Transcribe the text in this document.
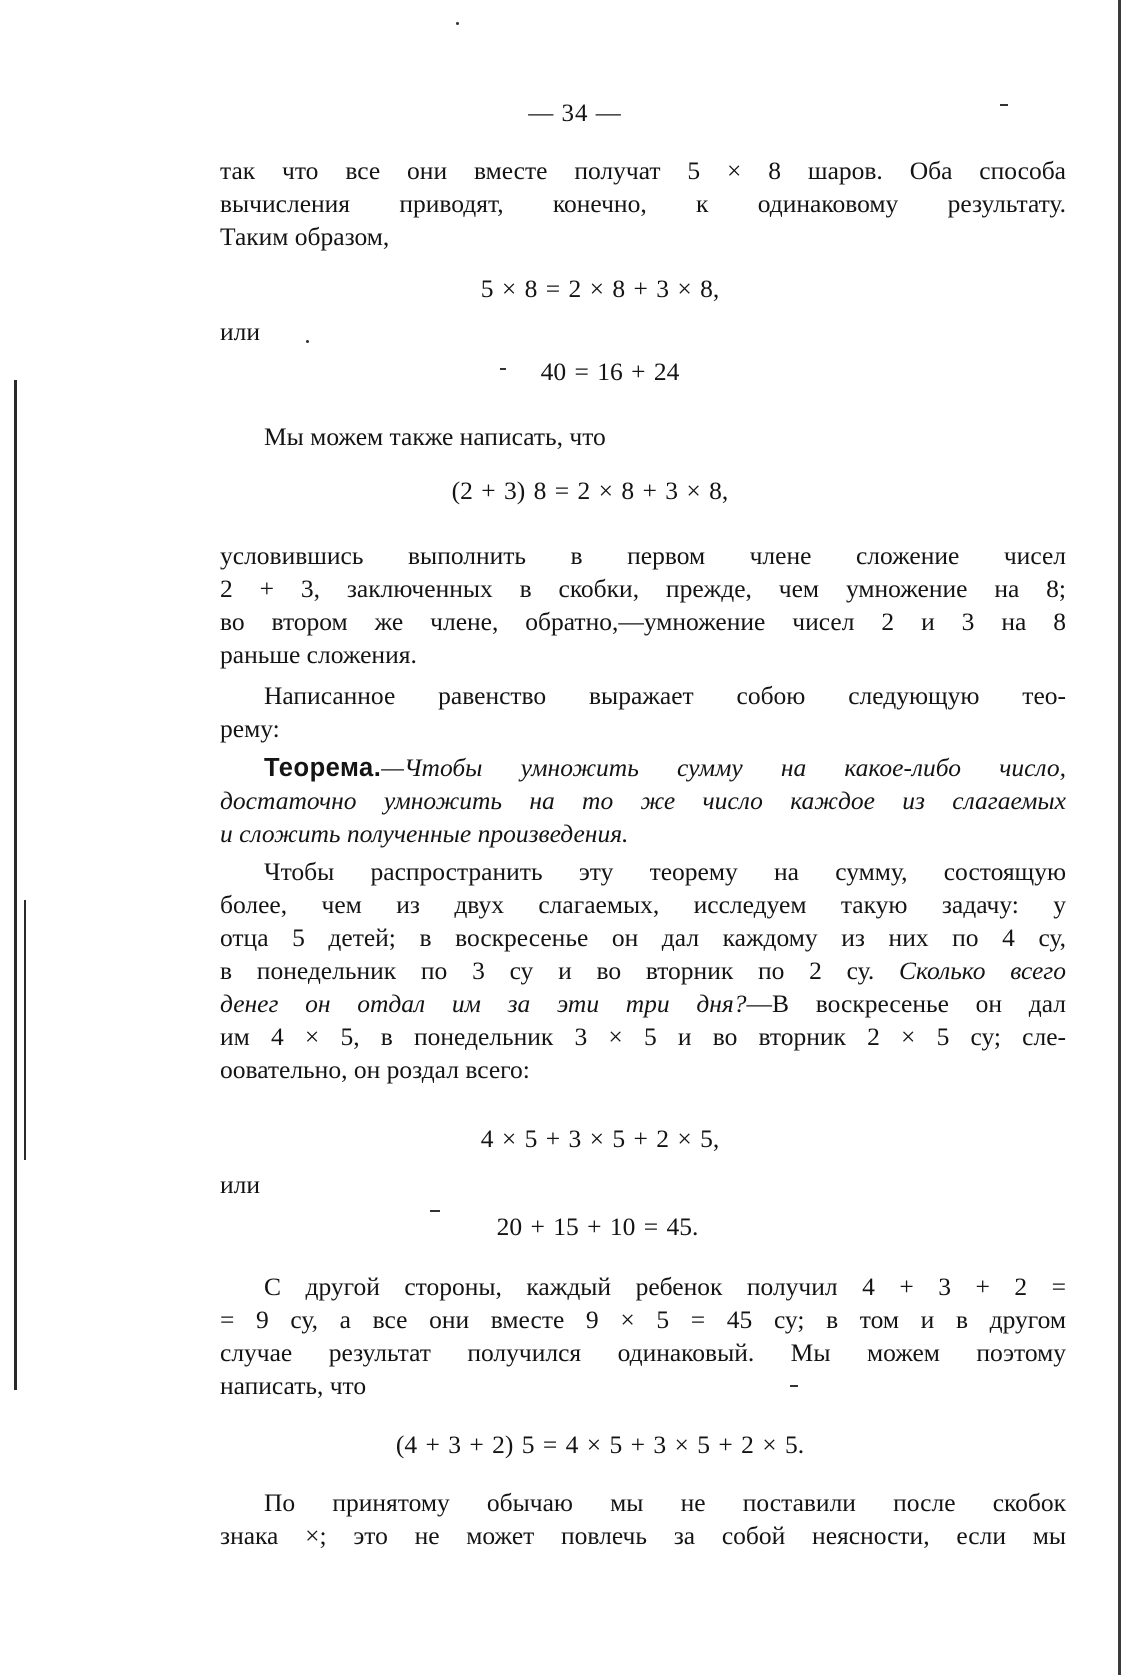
— 34 —
так что все они вместе получат 5 × 8 шаров. Оба способа
вычисления приводят, конечно, к одинаковому результату.
Таким образом,
5 × 8 = 2 × 8 + 3 × 8,
или
40 = 16 + 24
Мы можем также написать, что
(2 + 3) 8 = 2 × 8 + 3 × 8,
условившись выполнить в первом члене сложение чисел
2 + 3, заключенных в скобки, прежде, чем умножение на 8;
во втором же члене, обратно,—умножение чисел 2 и 3 на 8
раньше сложения.
Написанное равенство выражает собою следующую тео-
рему:
Теорема.—Чтобы умножить сумму на какое-либо число,
достаточно умножить на то же число каждое из слагаемых
и сложить полученные произведения.
Чтобы распространить эту теорему на сумму, состоящую
более, чем из двух слагаемых, исследуем такую задачу: у
отца 5 детей; в воскресенье он дал каждому из них по 4 су,
в понедельник по 3 су и во вторник по 2 су. Сколько всего
денег он отдал им за эти три дня?—В воскресенье он дал
им 4 × 5, в понедельник 3 × 5 и во вторник 2 × 5 су; сле-
оовательно, он роздал всего:
4 × 5 + 3 × 5 + 2 × 5,
или
20 + 15 + 10 = 45.
С другой стороны, каждый ребенок получил 4 + 3 + 2 =
= 9 су, а все они вместе 9 × 5 = 45 су; в том и в другом
случае результат получился одинаковый. Мы можем поэтому
написать, что
(4 + 3 + 2) 5 = 4 × 5 + 3 × 5 + 2 × 5.
По принятому обычаю мы не поставили после скобок
знака ×; это не может повлечь за собой неясности, если мы
